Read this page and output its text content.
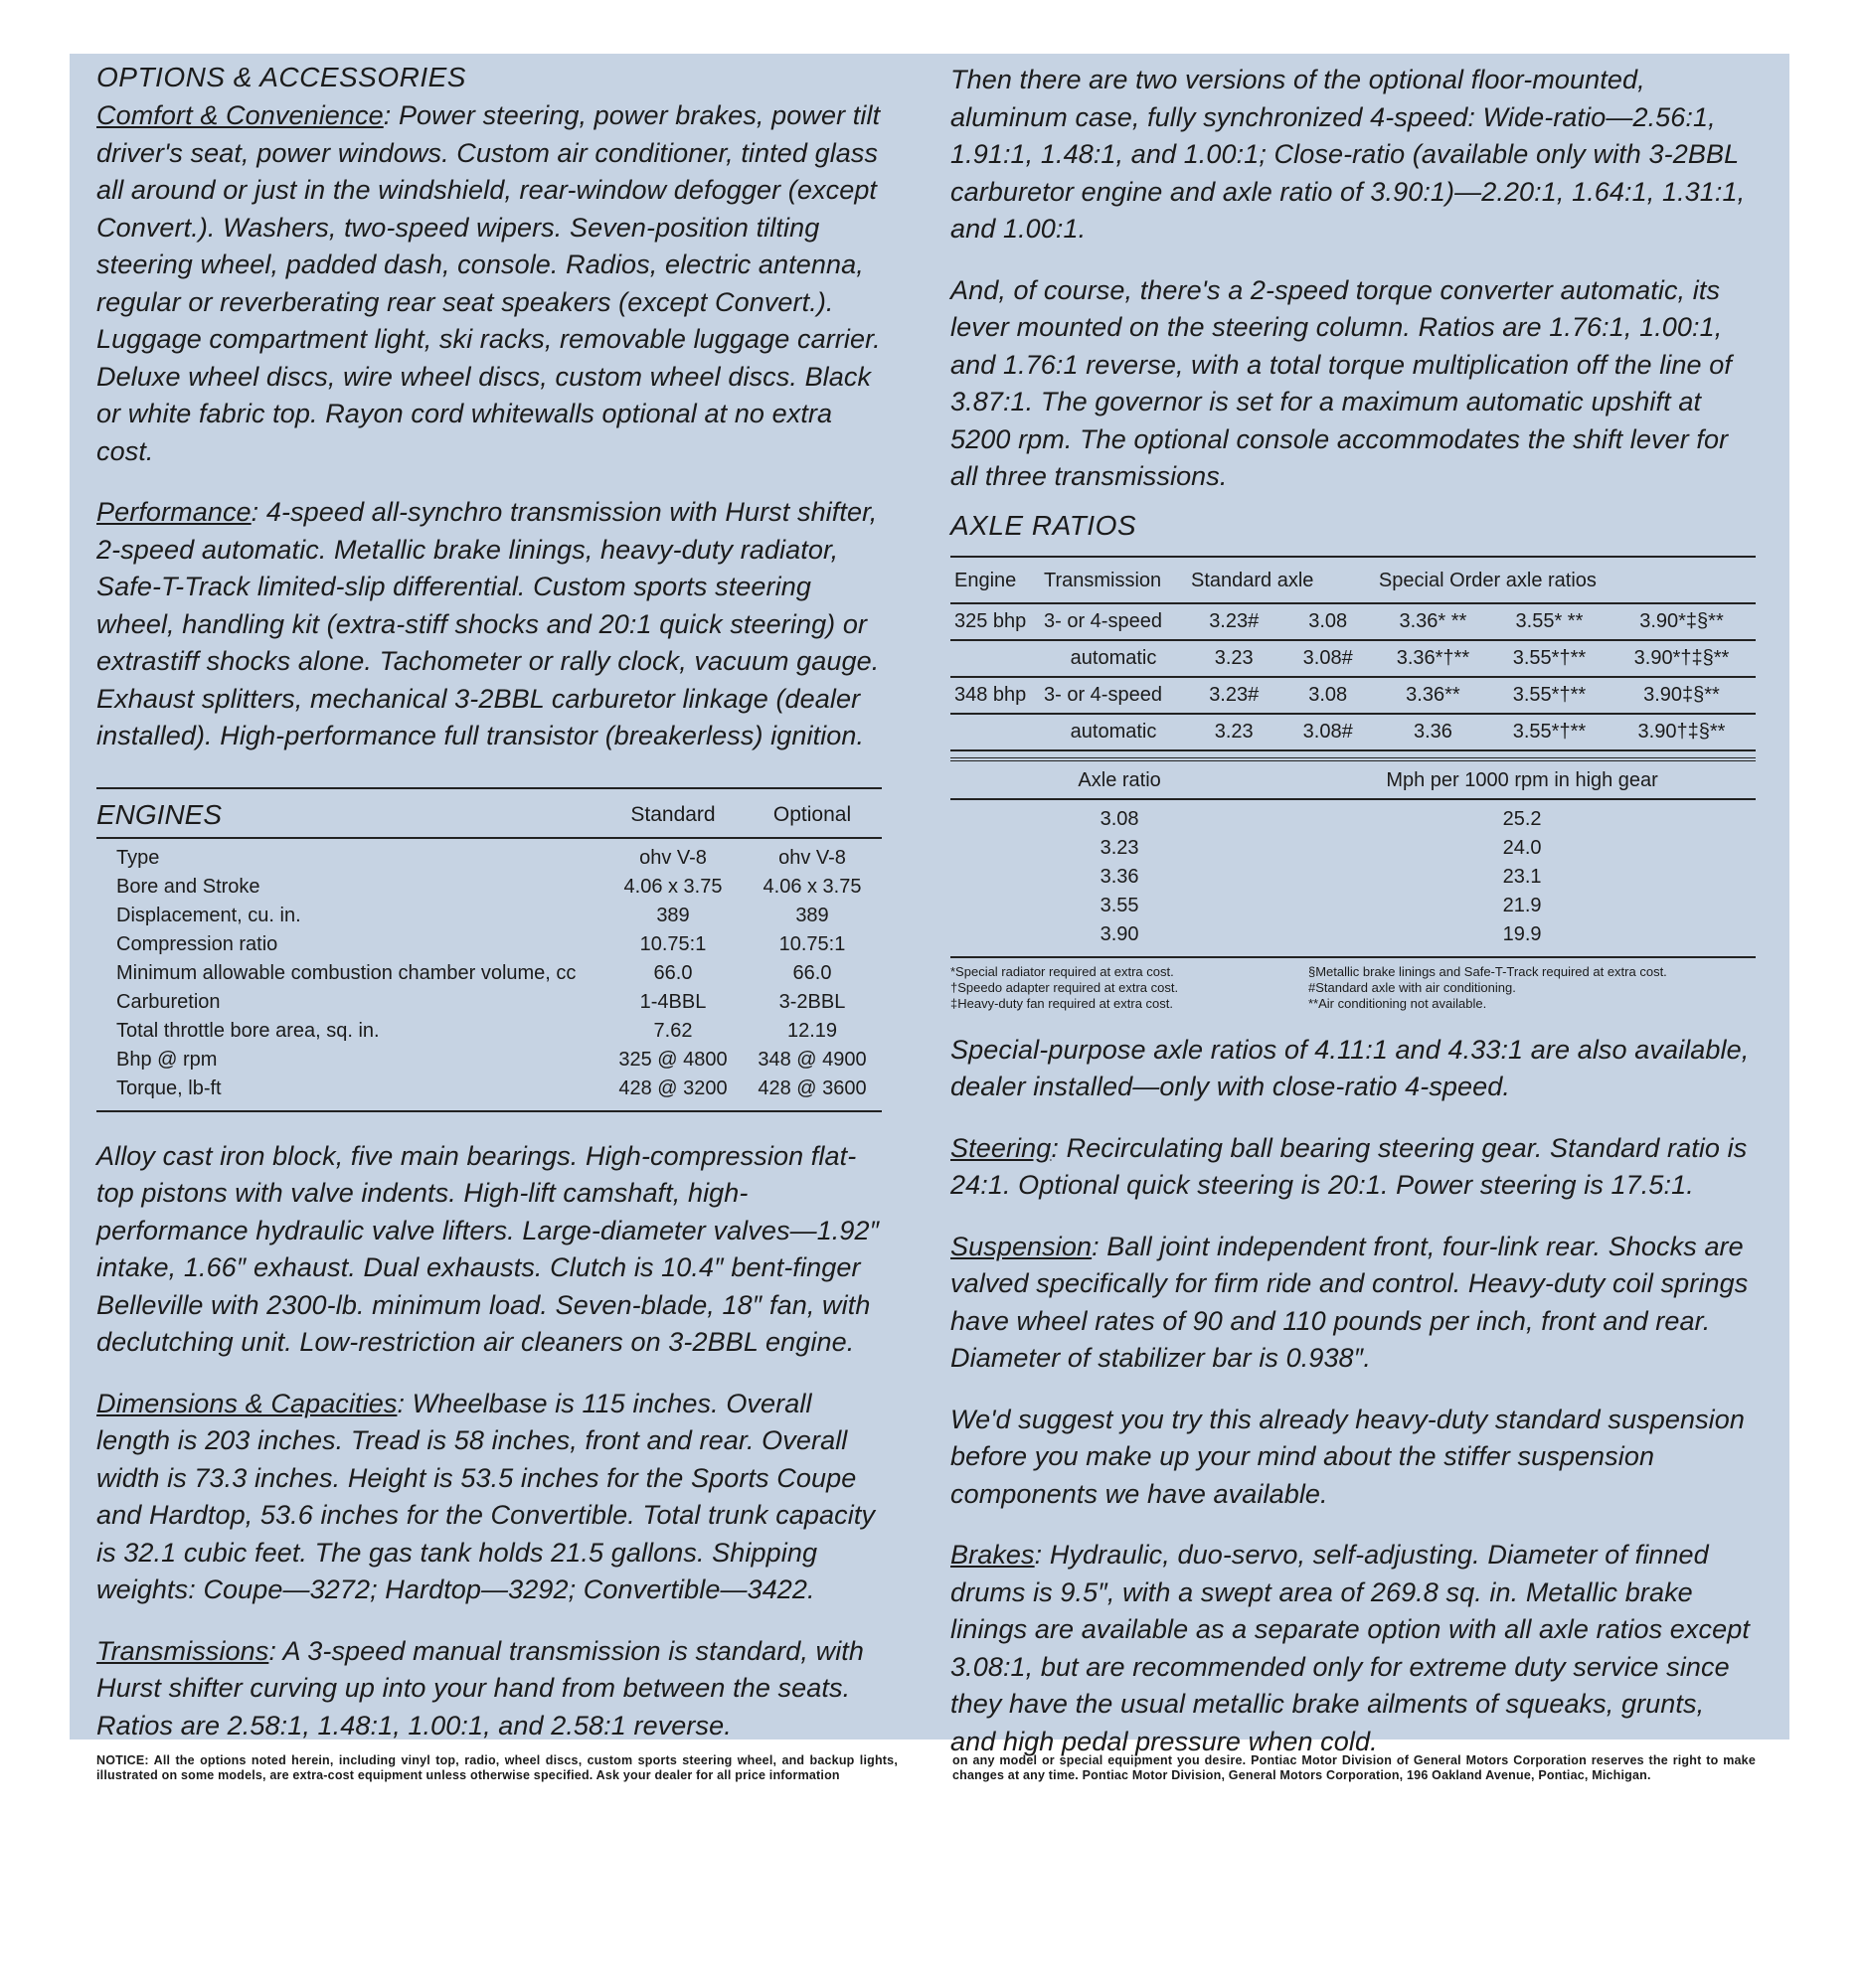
OPTIONS & ACCESSORIES

Comfort & Convenience: Power steering, power brakes, power tilt driver's seat, power windows. Custom air conditioner, tinted glass all around or just in the windshield, rear-window defogger (except Convert.). Washers, two-speed wipers. Seven-position tilting steering wheel, padded dash, console. Radios, electric antenna, regular or reverberating rear seat speakers (except Convert.). Luggage compartment light, ski racks, removable luggage carrier. Deluxe wheel discs, wire wheel discs, custom wheel discs. Black or white fabric top. Rayon cord whitewalls optional at no extra cost.

Performance: 4-speed all-synchro transmission with Hurst shifter, 2-speed automatic. Metallic brake linings, heavy-duty radiator, Safe-T-Track limited-slip differential. Custom sports steering wheel, handling kit (extra-stiff shocks and 20:1 quick steering) or extrastiff shocks alone. Tachometer or rally clock, vacuum gauge. Exhaust splitters, mechanical 3-2BBL carburetor linkage (dealer installed). High-performance full transistor (breakerless) ignition.

ENGINES	Standard	Optional
Type	ohv V-8	ohv V-8
Bore and Stroke	4.06 x 3.75	4.06 x 3.75
Displacement, cu. in.	389	389
Compression ratio	10.75:1	10.75:1
Minimum allowable combustion chamber volume, cc	66.0	66.0
Carburetion	1-4BBL	3-2BBL
Total throttle bore area, sq. in.	7.62	12.19
Bhp @ rpm	325 @ 4800	348 @ 4900
Torque, lb-ft	428 @ 3200	428 @ 3600

Alloy cast iron block, five main bearings. High-compression flat-top pistons with valve indents. High-lift camshaft, high-performance hydraulic valve lifters. Large-diameter valves—1.92″ intake, 1.66″ exhaust. Dual exhausts. Clutch is 10.4″ bent-finger Belleville with 2300-lb. minimum load. Seven-blade, 18″ fan, with declutching unit. Low-restriction air cleaners on 3-2BBL engine.

Dimensions & Capacities: Wheelbase is 115 inches. Overall length is 203 inches. Tread is 58 inches, front and rear. Overall width is 73.3 inches. Height is 53.5 inches for the Sports Coupe and Hardtop, 53.6 inches for the Convertible. Total trunk capacity is 32.1 cubic feet. The gas tank holds 21.5 gallons. Shipping weights: Coupe—3272; Hardtop—3292; Convertible—3422.

Transmissions: A 3-speed manual transmission is standard, with Hurst shifter curving up into your hand from between the seats. Ratios are 2.58:1, 1.48:1, 1.00:1, and 2.58:1 reverse.

Then there are two versions of the optional floor-mounted, aluminum case, fully synchronized 4-speed: Wide-ratio—2.56:1, 1.91:1, 1.48:1, and 1.00:1; Close-ratio (available only with 3-2BBL carburetor engine and axle ratio of 3.90:1)—2.20:1, 1.64:1, 1.31:1, and 1.00:1.

And, of course, there's a 2-speed torque converter automatic, its lever mounted on the steering column. Ratios are 1.76:1, 1.00:1, and 1.76:1 reverse, with a total torque multiplication off the line of 3.87:1. The governor is set for a maximum automatic upshift at 5200 rpm. The optional console accommodates the shift lever for all three transmissions.

AXLE RATIOS
Engine	Transmission	Standard axle		Special Order axle ratios		
325 bhp	3- or 4-speed	3.23#	3.08	3.36* **	3.55* **	3.90*‡§**
	automatic	3.23	3.08#	3.36*†**	3.55*†**	3.90*†‡§**
348 bhp	3- or 4-speed	3.23#	3.08	3.36**	3.55*†**	3.90‡§**
	automatic	3.23	3.08#	3.36	3.55*†**	3.90†‡§**
Axle ratio	Mph per 1000 rpm in high gear
3.08	25.2
3.23	24.0
3.36	23.1
3.55	21.9
3.90	19.9
*Special radiator required at extra cost.
†Speedo adapter required at extra cost.
‡Heavy-duty fan required at extra cost.
§Metallic brake linings and Safe-T-Track required at extra cost.
#Standard axle with air conditioning.
**Air conditioning not available.

Special-purpose axle ratios of 4.11:1 and 4.33:1 are also available, dealer installed—only with close-ratio 4-speed.

Steering: Recirculating ball bearing steering gear. Standard ratio is 24:1. Optional quick steering is 20:1. Power steering is 17.5:1.

Suspension: Ball joint independent front, four-link rear. Shocks are valved specifically for firm ride and control. Heavy-duty coil springs have wheel rates of 90 and 110 pounds per inch, front and rear. Diameter of stabilizer bar is 0.938″.

We'd suggest you try this already heavy-duty standard suspension before you make up your mind about the stiffer suspension components we have available.

Brakes: Hydraulic, duo-servo, self-adjusting. Diameter of finned drums is 9.5″, with a swept area of 269.8 sq. in. Metallic brake linings are available as a separate option with all axle ratios except 3.08:1, but are recommended only for extreme duty service since they have the usual metallic brake ailments of squeaks, grunts, and high pedal pressure when cold.

NOTICE: All the options noted herein, including vinyl top, radio, wheel discs, custom sports steering wheel, and backup lights, illustrated on some models, are extra-cost equipment unless otherwise specified. Ask your dealer for all price information
on any model or special equipment you desire. Pontiac Motor Division of General Motors Corporation reserves the right to make changes at any time. Pontiac Motor Division, General Motors Corporation, 196 Oakland Avenue, Pontiac, Michigan.
